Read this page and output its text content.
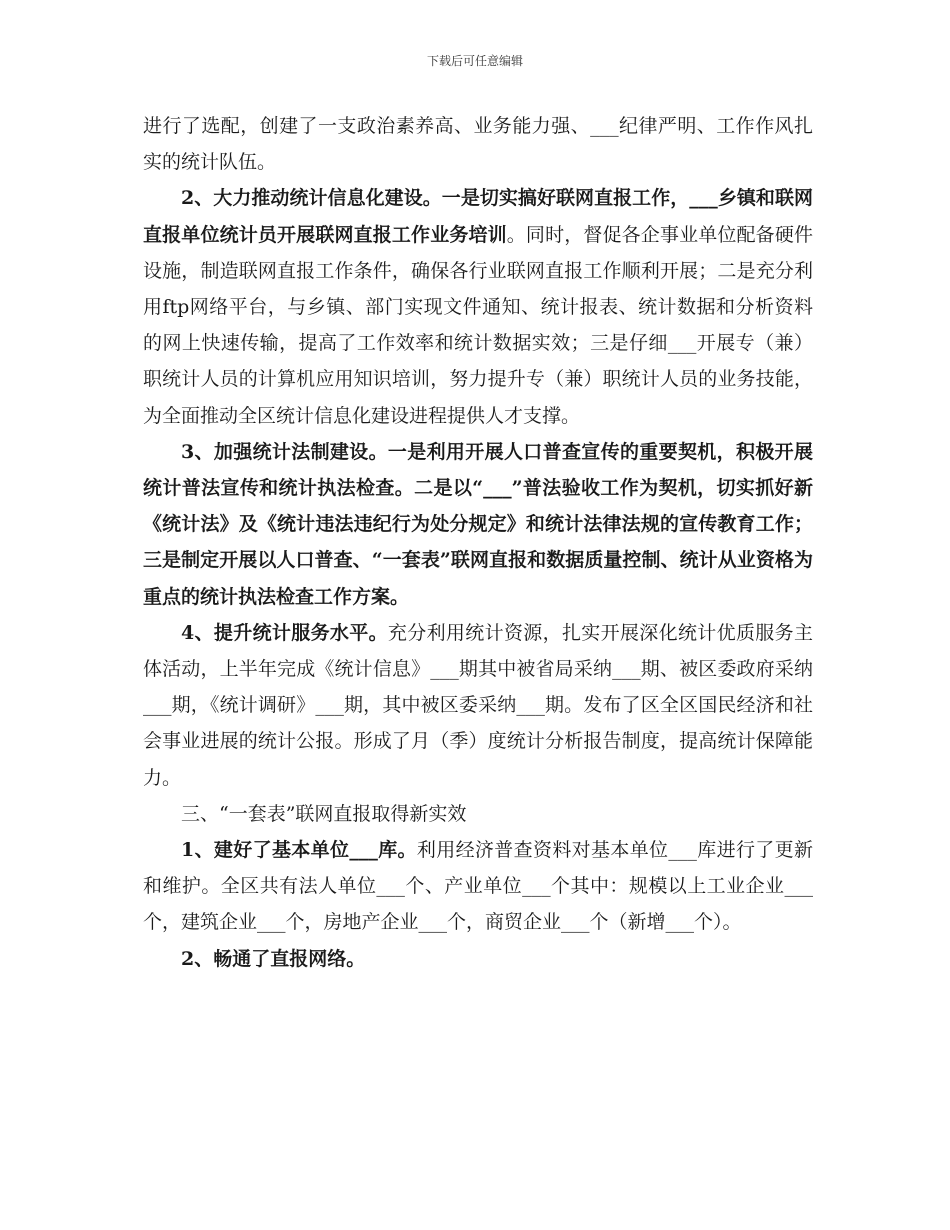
下载后可任意编辑

进行了选配，创建了一支政治素养高、业务能力强、___纪律严明、工作作风扎实的统计队伍。

2、大力推动统计信息化建设。一是切实搞好联网直报工作，___乡镇和联网直报单位统计员开展联网直报工作业务培训。同时，督促各企事业单位配备硬件设施，制造联网直报工作条件，确保各行业联网直报工作顺利开展；二是充分利用ftp网络平台，与乡镇、部门实现文件通知、统计报表、统计数据和分析资料的网上快速传输，提高了工作效率和统计数据实效；三是仔细___开展专（兼）职统计人员的计算机应用知识培训，努力提升专（兼）职统计人员的业务技能，为全面推动全区统计信息化建设进程提供人才支撑。

3、加强统计法制建设。一是利用开展人口普查宣传的重要契机，积极开展统计普法宣传和统计执法检查。二是以“___”普法验收工作为契机，切实抓好新《统计法》及《统计违法违纪行为处分规定》和统计法律法规的宣传教育工作；三是制定开展以人口普查、“一套表”联网直报和数据质量控制、统计从业资格为重点的统计执法检查工作方案。

4、提升统计服务水平。充分利用统计资源，扎实开展深化统计优质服务主体活动，上半年完成《统计信息》___期其中被省局采纳___期、被区委政府采纳___期，《统计调研》___期，其中被区委采纳___期。发布了区全区国民经济和社会事业进展的统计公报。形成了月（季）度统计分析报告制度，提高统计保障能力。

三、“一套表”联网直报取得新实效

1、建好了基本单位___库。利用经济普查资料对基本单位___库进行了更新和维护。全区共有法人单位___个、产业单位___个其中：规模以上工业企业___个，建筑企业___个，房地产企业___个，商贸企业___个（新增___个）。

2、畅通了直报网络。
